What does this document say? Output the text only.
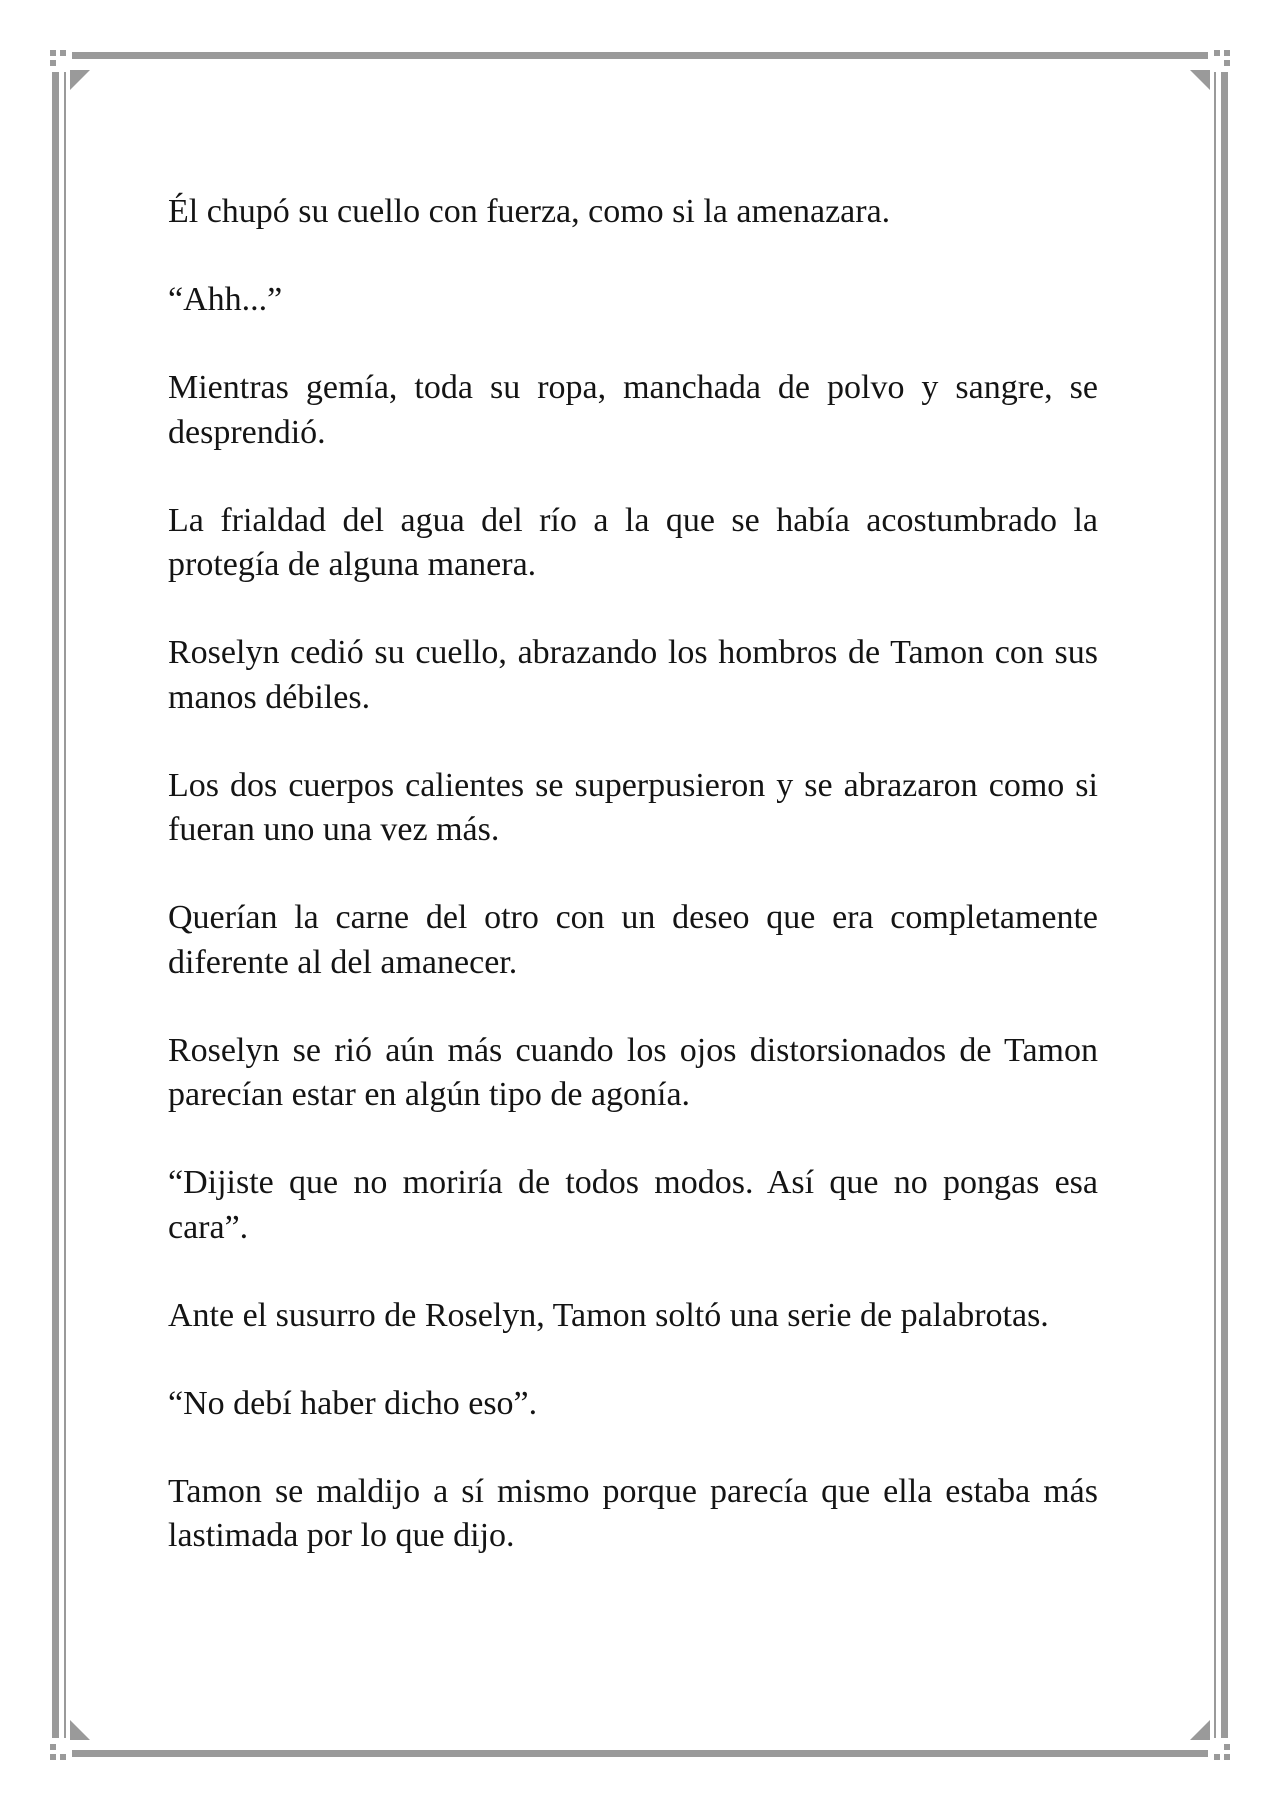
Él chupó su cuello con fuerza, como si la amenazara.

“Ahh...”

Mientras gemía, toda su ropa, manchada de polvo y sangre, se desprendió.

La frialdad del agua del río a la que se había acostumbrado la protegía de alguna manera.

Roselyn cedió su cuello, abrazando los hombros de Tamon con sus manos débiles.

Los dos cuerpos calientes se superpusieron y se abrazaron como si fueran uno una vez más.

Querían la carne del otro con un deseo que era completamente diferente al del amanecer.

Roselyn se rió aún más cuando los ojos distorsionados de Tamon parecían estar en algún tipo de agonía.

“Dijiste que no moriría de todos modos. Así que no pongas esa cara”.

Ante el susurro de Roselyn, Tamon soltó una serie de palabrotas.

“No debí haber dicho eso”.

Tamon se maldijo a sí mismo porque parecía que ella estaba más lastimada por lo que dijo.
